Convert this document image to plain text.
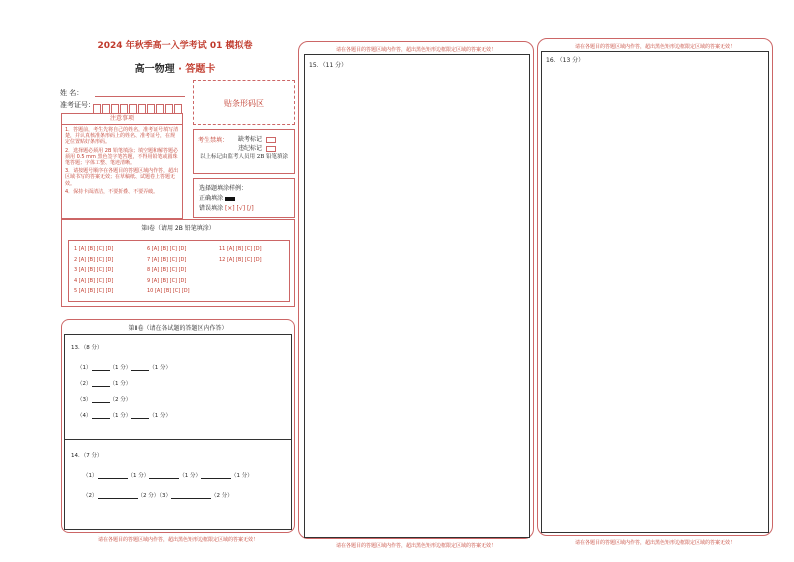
2024 年秋季高一入学考试 01 模拟卷
高一物理 · 答题卡
姓 名：
准考证号：	贴条形码区
注意事项
1．答题前，考生先将自己的姓名，准考证号填写清楚，并认真核准条形码上的姓名、准考证号，在规定位置贴好条形码。
2．选择题必须用 2B 铅笔填涂；填空题和解答题必须用 0.5 mm 黑色签字笔答题，不得用铅笔或圆珠笔答题；字体工整、笔迹清晰。
3．请按题号顺序在各题目的答题区域内作答，超出区域书写的答案无效；在草稿纸、试题卷上答题无效。
4．保持卡面清洁，不要折叠、不要弄破。
考生禁填： 缺考标记
违纪标记
以上标记由监考人员用 2B 铅笔填涂
选择题填涂样例：
正确填涂
错误填涂 [×] [√] [/]
第Ⅰ卷（请用 2B 铅笔填涂）
1 [A] [B] [C] [D]
2 [A] [B] [C] [D]
3 [A] [B] [C] [D]
4 [A] [B] [C] [D]
5 [A] [B] [C] [D]
6 [A] [B] [C] [D]
7 [A] [B] [C] [D]
8 [A] [B] [C] [D]
9 [A] [B] [C] [D]
10 [A] [B] [C] [D]
11 [A] [B] [C] [D]
12 [A] [B] [C] [D]
第Ⅱ卷（请在各试题的答题区内作答）
13．（8 分）
（1）	（1 分）	（1 分）
（2）	（1 分）
（3）	（2 分）
（4）	（1 分）	（1 分）
14．（7 分）
（1）	（1 分）	（1 分）	（1 分）
（2）	（2 分）（3）	（2 分）
请在各题目的答题区域内作答，超出黑色矩形边框限定区域的答案无效！
请在各题目的答题区域内作答，超出黑色矩形边框限定区域的答案无效！
15．（11 分）
请在各题目的答题区域内作答，超出黑色矩形边框限定区域的答案无效！
请在各题目的答题区域内作答，超出黑色矩形边框限定区域的答案无效！
16．（13 分）
请在各题目的答题区域内作答，超出黑色矩形边框限定区域的答案无效！
